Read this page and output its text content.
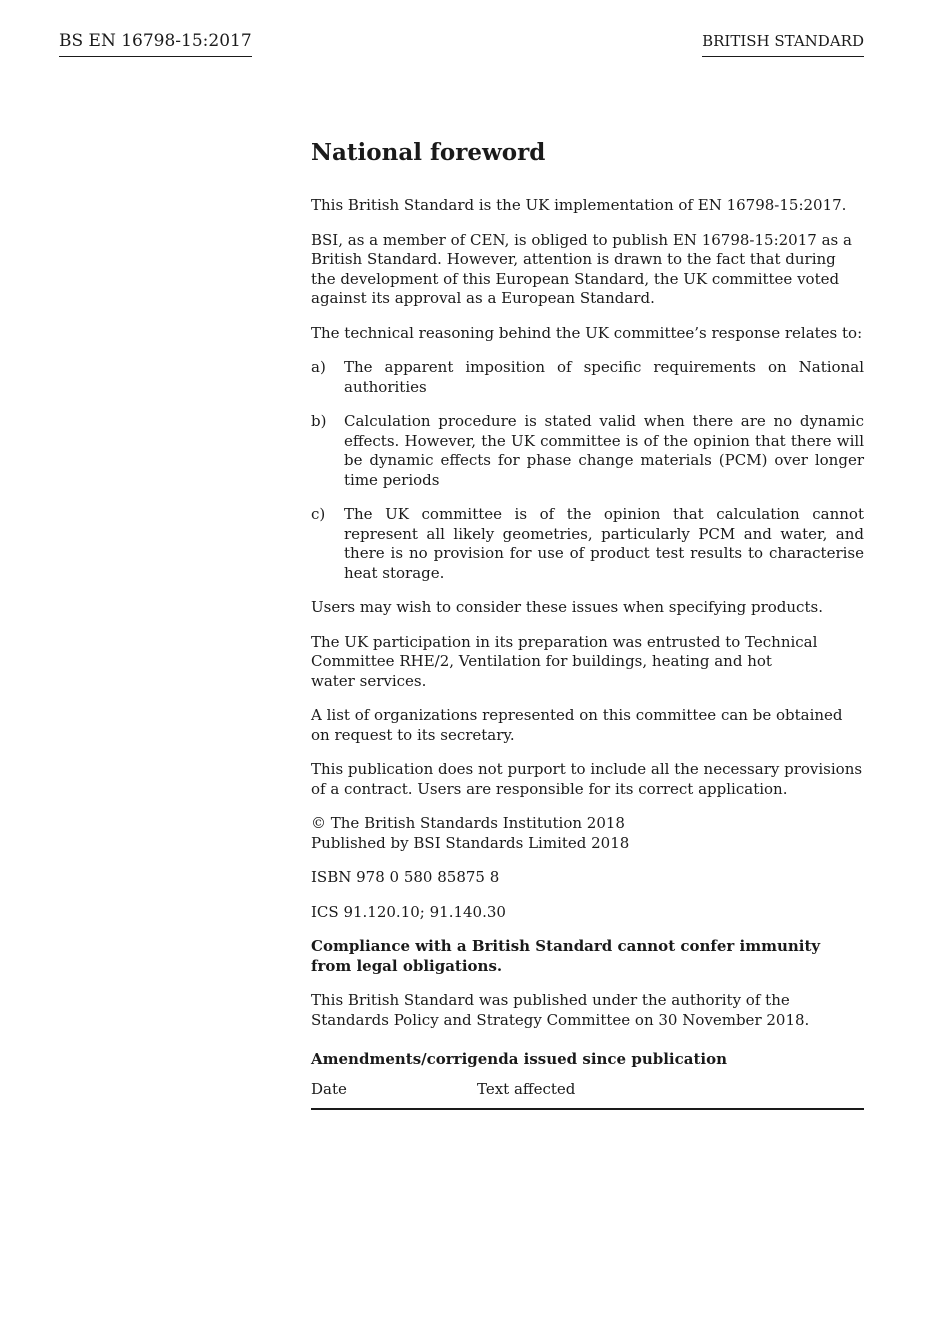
BS EN 16798-15:2017	BRITISH STANDARD
National foreword

This British Standard is the UK implementation of EN 16798-15:2017.

BSI, as a member of CEN, is obliged to publish EN 16798-15:2017 as a British Standard. However, attention is drawn to the fact that during the development of this European Standard, the UK committee voted against its approval as a European Standard.

The technical reasoning behind the UK committee’s response relates to:

a) The apparent imposition of specific requirements on National authorities
b) Calculation procedure is stated valid when there are no dynamic effects. However, the UK committee is of the opinion that there will be dynamic effects for phase change materials (PCM) over longer time periods
c) The UK committee is of the opinion that calculation cannot represent all likely geometries, particularly PCM and water, and there is no provision for use of product test results to characterise heat storage.

Users may wish to consider these issues when specifying products.

The UK participation in its preparation was entrusted to Technical
Committee RHE/2, Ventilation for buildings, heating and hot
water services.

A list of organizations represented on this committee can be obtained on request to its secretary.

This publication does not purport to include all the necessary provisions of a contract. Users are responsible for its correct application.

© The British Standards Institution 2018
Published by BSI Standards Limited 2018

ISBN 978 0 580 85875 8

ICS 91.120.10; 91.140.30

Compliance with a British Standard cannot confer immunity from legal obligations.

This British Standard was published under the authority of the
Standards Policy and Strategy Committee on 30 November 2018.

Amendments/corrigenda issued since publication
Date	Text affected
